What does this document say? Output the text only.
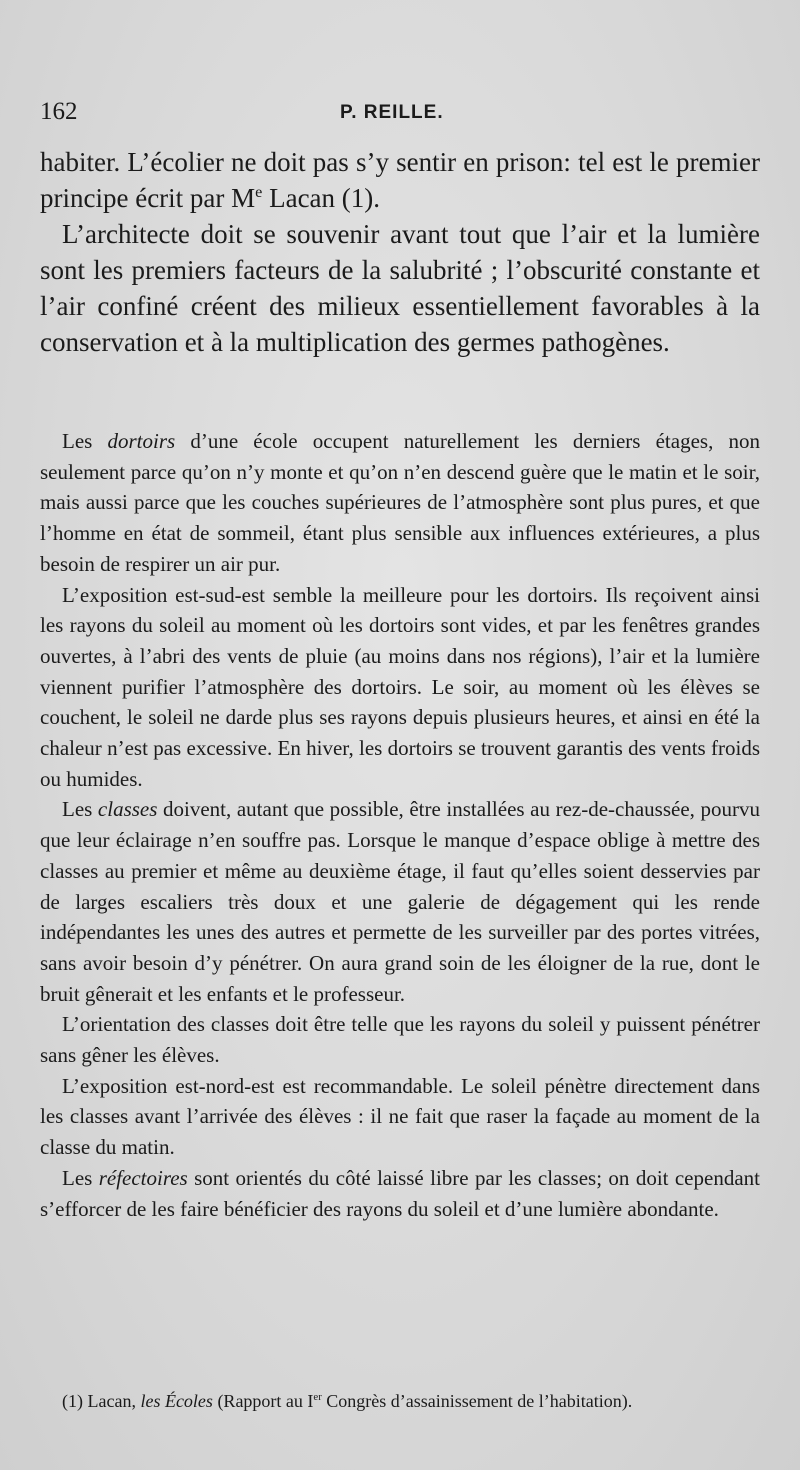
162	P. REILLE.

habiter. L’écolier ne doit pas s’y sentir en prison: tel est le premier principe écrit par Me Lacan (1).

L’architecte doit se souvenir avant tout que l’air et la lumière sont les premiers facteurs de la salubrité ; l’obscurité constante et l’air confiné créent des milieux essentiellement favorables à la conservation et à la multiplication des germes pathogènes.

Les dortoirs d’une école occupent naturellement les derniers étages, non seulement parce qu’on n’y monte et qu’on n’en descend guère que le matin et le soir, mais aussi parce que les couches supérieures de l’atmosphère sont plus pures, et que l’homme en état de sommeil, étant plus sensible aux influences extérieures, a plus besoin de respirer un air pur.

L’exposition est-sud-est semble la meilleure pour les dortoirs. Ils reçoivent ainsi les rayons du soleil au moment où les dortoirs sont vides, et par les fenêtres grandes ouvertes, à l’abri des vents de pluie (au moins dans nos régions), l’air et la lumière viennent purifier l’atmosphère des dortoirs. Le soir, au moment où les élèves se couchent, le soleil ne darde plus ses rayons depuis plusieurs heures, et ainsi en été la chaleur n’est pas excessive. En hiver, les dortoirs se trouvent garantis des vents froids ou humides.

Les classes doivent, autant que possible, être installées au rez-de-chaussée, pourvu que leur éclairage n’en souffre pas. Lorsque le manque d’espace oblige à mettre des classes au premier et même au deuxième étage, il faut qu’elles soient desservies par de larges escaliers très doux et une galerie de dégagement qui les rende indépendantes les unes des autres et permette de les surveiller par des portes vitrées, sans avoir besoin d’y pénétrer. On aura grand soin de les éloigner de la rue, dont le bruit gênerait et les enfants et le professeur.

L’orientation des classes doit être telle que les rayons du soleil y puissent pénétrer sans gêner les élèves.

L’exposition est-nord-est est recommandable. Le soleil pénètre directement dans les classes avant l’arrivée des élèves : il ne fait que raser la façade au moment de la classe du matin.

Les réfectoires sont orientés du côté laissé libre par les classes; on doit cependant s’efforcer de les faire bénéficier des rayons du soleil et d’une lumière abondante.

(1) Lacan, les Écoles (Rapport au Ier Congrès d’assainissement de l’habitation).
